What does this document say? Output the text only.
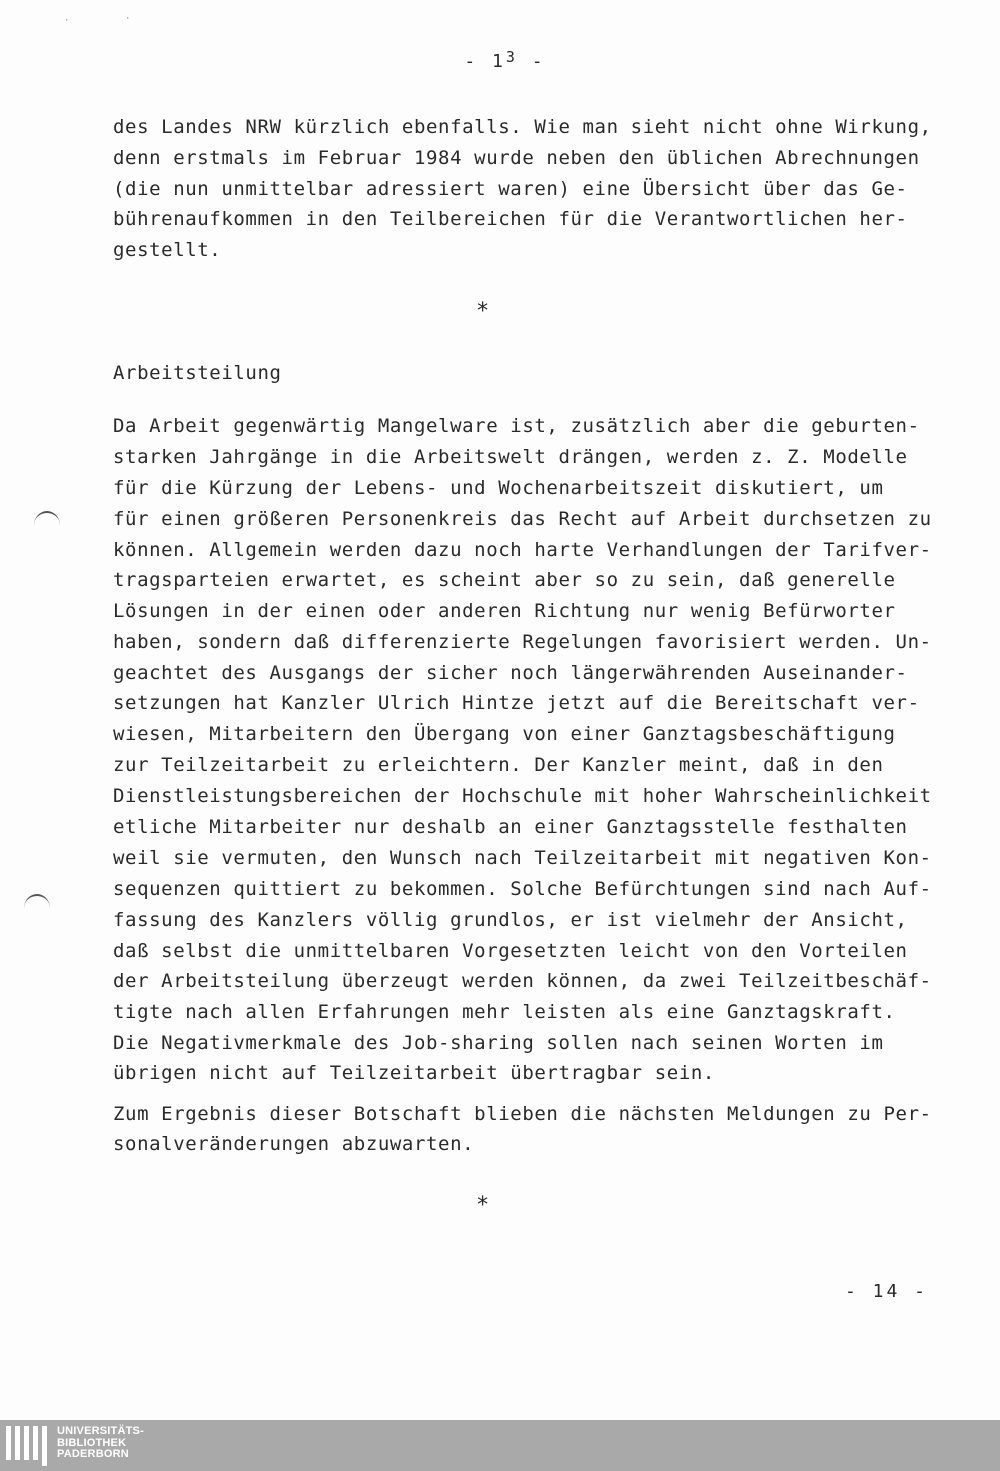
·	·
- $1^3$ -
des Landes NRW kürzlich ebenfalls. Wie man sieht nicht ohne Wirkung,
denn erstmals im Februar 1984 wurde neben den üblichen Abrechnungen
(die nun unmittelbar adressiert waren) eine Übersicht über das Ge-
bührenaufkommen in den Teilbereichen für die Verantwortlichen her-
gestellt.
*
Arbeitsteilung
Da Arbeit gegenwärtig Mangelware ist, zusätzlich aber die geburten-
starken Jahrgänge in die Arbeitswelt drängen, werden z. Z. Modelle
für die Kürzung der Lebens- und Wochenarbeitszeit diskutiert, um
für einen größeren Personenkreis das Recht auf Arbeit durchsetzen zu
können. Allgemein werden dazu noch harte Verhandlungen der Tarifver-
tragsparteien erwartet, es scheint aber so zu sein, daß generelle
Lösungen in der einen oder anderen Richtung nur wenig Befürworter
haben, sondern daß differenzierte Regelungen favorisiert werden. Un-
geachtet des Ausgangs der sicher noch längerwährenden Auseinander-
setzungen hat Kanzler Ulrich Hintze jetzt auf die Bereitschaft ver-
wiesen, Mitarbeitern den Übergang von einer Ganztagsbeschäftigung
zur Teilzeitarbeit zu erleichtern. Der Kanzler meint, daß in den
Dienstleistungsbereichen der Hochschule mit hoher Wahrscheinlichkeit
etliche Mitarbeiter nur deshalb an einer Ganztagsstelle festhalten
weil sie vermuten, den Wunsch nach Teilzeitarbeit mit negativen Kon-
sequenzen quittiert zu bekommen. Solche Befürchtungen sind nach Auf-
fassung des Kanzlers völlig grundlos, er ist vielmehr der Ansicht,
daß selbst die unmittelbaren Vorgesetzten leicht von den Vorteilen
der Arbeitsteilung überzeugt werden können, da zwei Teilzeitbeschäf-
tigte nach allen Erfahrungen mehr leisten als eine Ganztagskraft.
Die Negativmerkmale des Job-sharing sollen nach seinen Worten im
übrigen nicht auf Teilzeitarbeit übertragbar sein.
Zum Ergebnis dieser Botschaft blieben die nächsten Meldungen zu Per-
sonalveränderungen abzuwarten.
*
- 14 -
UNIVERSITÄTS-
BIBLIOTHEK
PADERBORN
